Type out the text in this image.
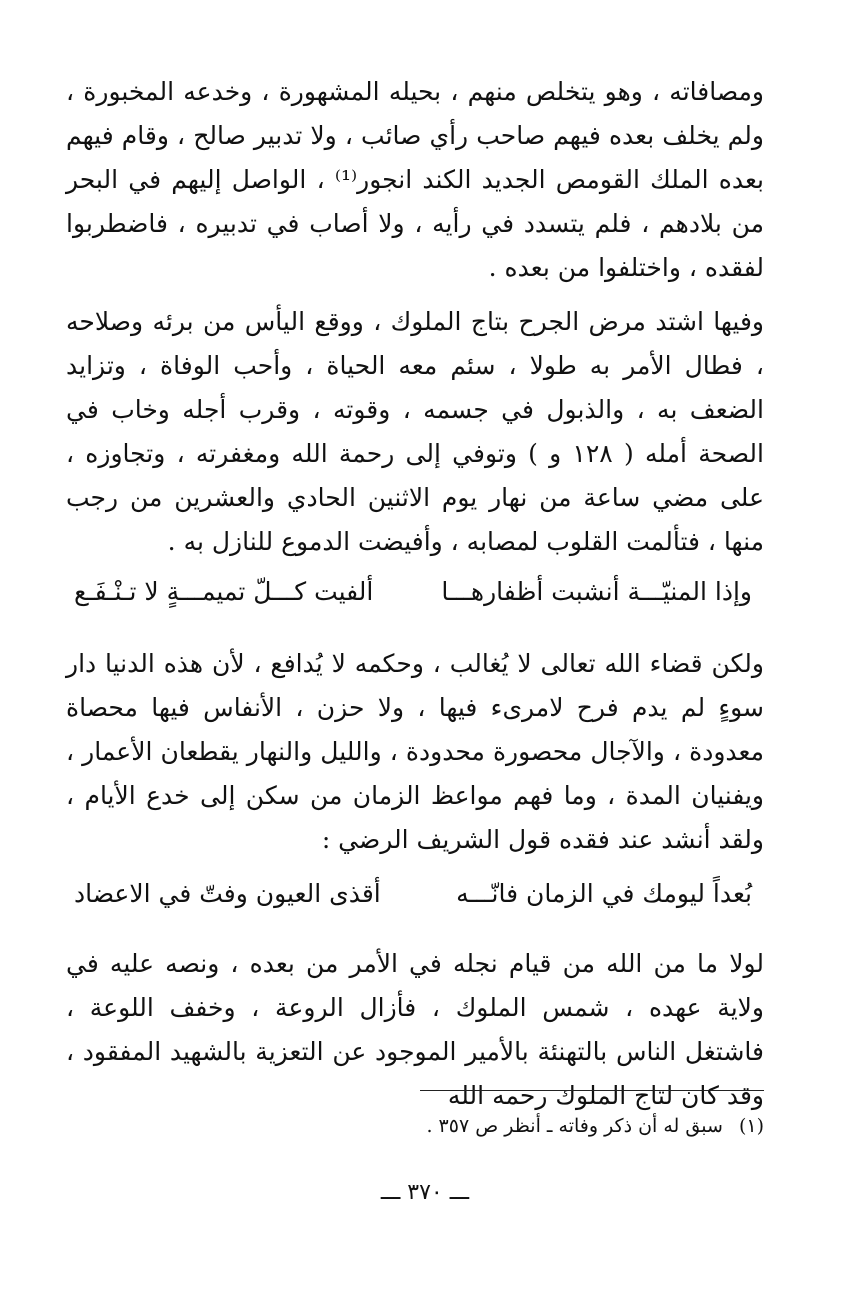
ومصافاته ، وهو يتخلص منهم ، بحيله المشهورة ، وخدعه المخبورة ، ولم يخلف بعده فيهم صاحب رأي صائب ، ولا تدبير صالح ، وقام فيهم بعده الملك القومص الجديد الكند انجور⁽¹⁾ ، الواصل إليهم في البحر من بلادهم ، فلم يتسدد في رأيه ، ولا أصاب في تدبيره ، فاضطربوا لفقده ، واختلفوا من بعده .

وفيها اشتد مرض الجرح بتاج الملوك ، ووقع اليأس من برئه وصلاحه ، فطال الأمر به طولا ، سئم معه الحياة ، وأحب الوفاة ، وتزايد الضعف به ، والذبول في جسمه ، وقوته ، وقرب أجله وخاب في الصحة أمله ( ١٢٨ و ) وتوفي إلى رحمة الله ومغفرته ، وتجاوزه ، على مضي ساعة من نهار يوم الاثنين الحادي والعشرين من رجب منها ، فتألمت القلوب لمصابه ، وأفيضت الدموع للنازل به .

وإذا المنيّـــة أنشبت أظفارهـــا
ألفيت كـــلّ تميمـــةٍ لا تـنْـفَـع

ولكن قضاء الله تعالى لا يُغالب ، وحكمه لا يُدافع ، لأن هذه الدنيا دار سوءٍ لم يدم فرح لامرىء فيها ، ولا حزن ، الأنفاس فيها محصاة معدودة ، والآجال محصورة محدودة ، والليل والنهار يقطعان الأعمار ، ويفنيان المدة ، وما فهم مواعظ الزمان من سكن إلى خدع الأيام ، ولقد أنشد عند فقده قول الشريف الرضي :

بُعداً ليومك في الزمان فانّـــه
أقذى العيون وفتّ في الاعضاد

لولا ما من الله من قيام نجله في الأمر من بعده ، ونصه عليه في ولاية عهده ، شمس الملوك ، فأزال الروعة ، وخفف اللوعة ، فاشتغل الناس بالتهنئة بالأمير الموجود عن التعزية بالشهيد المفقود ، وقد كان لتاج الملوك رحمه الله

(١) سبق له أن ذكر وفاته ـ أنظر ص ٣٥٧ .
ـــ ٣٧٠ ـــ
